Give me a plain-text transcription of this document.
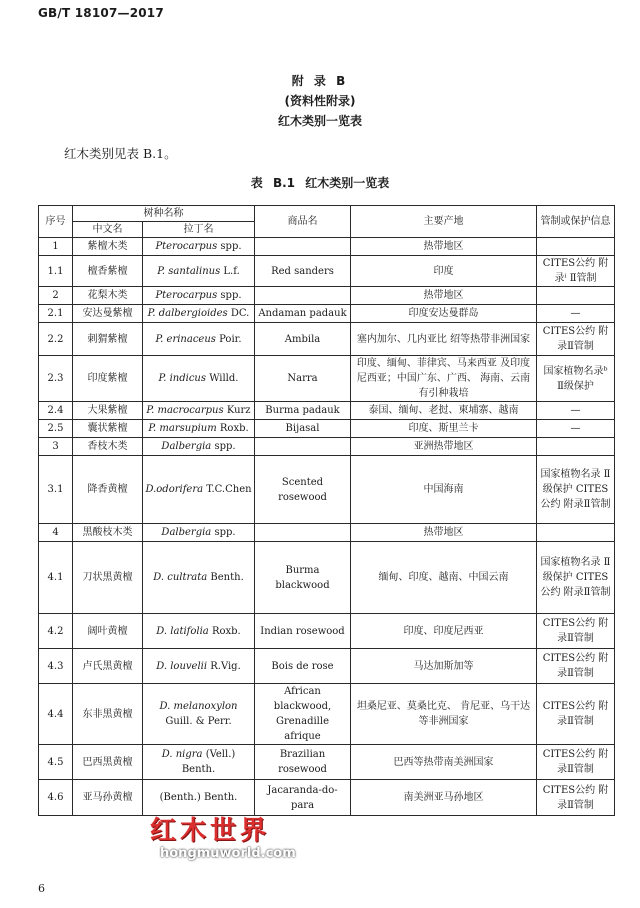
GB/T 18107—2017
附 录 B
(资料性附录)
红木类别一览表
红木类别见表 B.1。
表 B.1 红木类别一览表
序号	树种名称		商品名	主要产地	管制或保护信息
	中文名	拉丁名			
1	紫檀木类	Pterocarpus spp.		热带地区	
1.1	檀香紫檀	P. santalinus L.f.	Red sanders	印度	CITES公约 附录ⁱ Ⅱ管制
2	花梨木类	Pterocarpus spp.		热带地区	
2.1	安达曼紫檀	P. dalbergioides DC.	Andaman padauk	印度安达曼群岛	—
2.2	刺猬紫檀	P. erinaceus Poir.	Ambila	塞内加尔、几内亚比 绍等热带非洲国家	CITES公约 附录Ⅱ管制
2.3	印度紫檀	P. indicus Willd.	Narra	印度、缅甸、菲律宾、马来西亚 及印度尼西亚；中国广东、广西、 海南、云南有引种栽培	国家植物名录ᵇ Ⅱ级保护
2.4	大果紫檀	P. macrocarpus Kurz	Burma padauk	泰国、缅甸、老挝、柬埔寨、越南	—
2.5	囊状紫檀	P. marsupium Roxb.	Bijasal	印度、斯里兰卡	—
3	香枝木类	Dalbergia spp.		亚洲热带地区	
3.1	降香黄檀	D.odorifera T.C.Chen	Scented rosewood	中国海南	国家植物名录 Ⅱ级保护 CITES公约 附录Ⅱ管制
4	黑酸枝木类	Dalbergia spp.		热带地区	
4.1	刀状黑黄檀	D. cultrata Benth.	Burma blackwood	缅甸、印度、越南、中国云南	国家植物名录 Ⅱ级保护 CITES公约 附录Ⅱ管制
4.2	阔叶黄檀	D. latifolia Roxb.	Indian rosewood	印度、印度尼西亚	CITES公约 附录Ⅱ管制
4.3	卢氏黑黄檀	D. louvelii R.Vig.	Bois de rose	马达加斯加等	CITES公约 附录Ⅱ管制
4.4	东非黑黄檀	D. melanoxylon Guill. & Perr.	African blackwood, Grenadille afrique	坦桑尼亚、莫桑比克、 肯尼亚、乌干达等非洲国家	CITES公约 附录Ⅱ管制
4.5	巴西黑黄檀	D. nigra (Vell.) Benth.	Brazilian rosewood	巴西等热带南美洲国家	CITES公约 附录Ⅱ管制
4.6	亚马孙黄檀	(Benth.) Benth.	Jacaranda-do-para	南美洲亚马孙地区	CITES公约 附录Ⅱ管制
红木世界
hongmuworld.com
6
